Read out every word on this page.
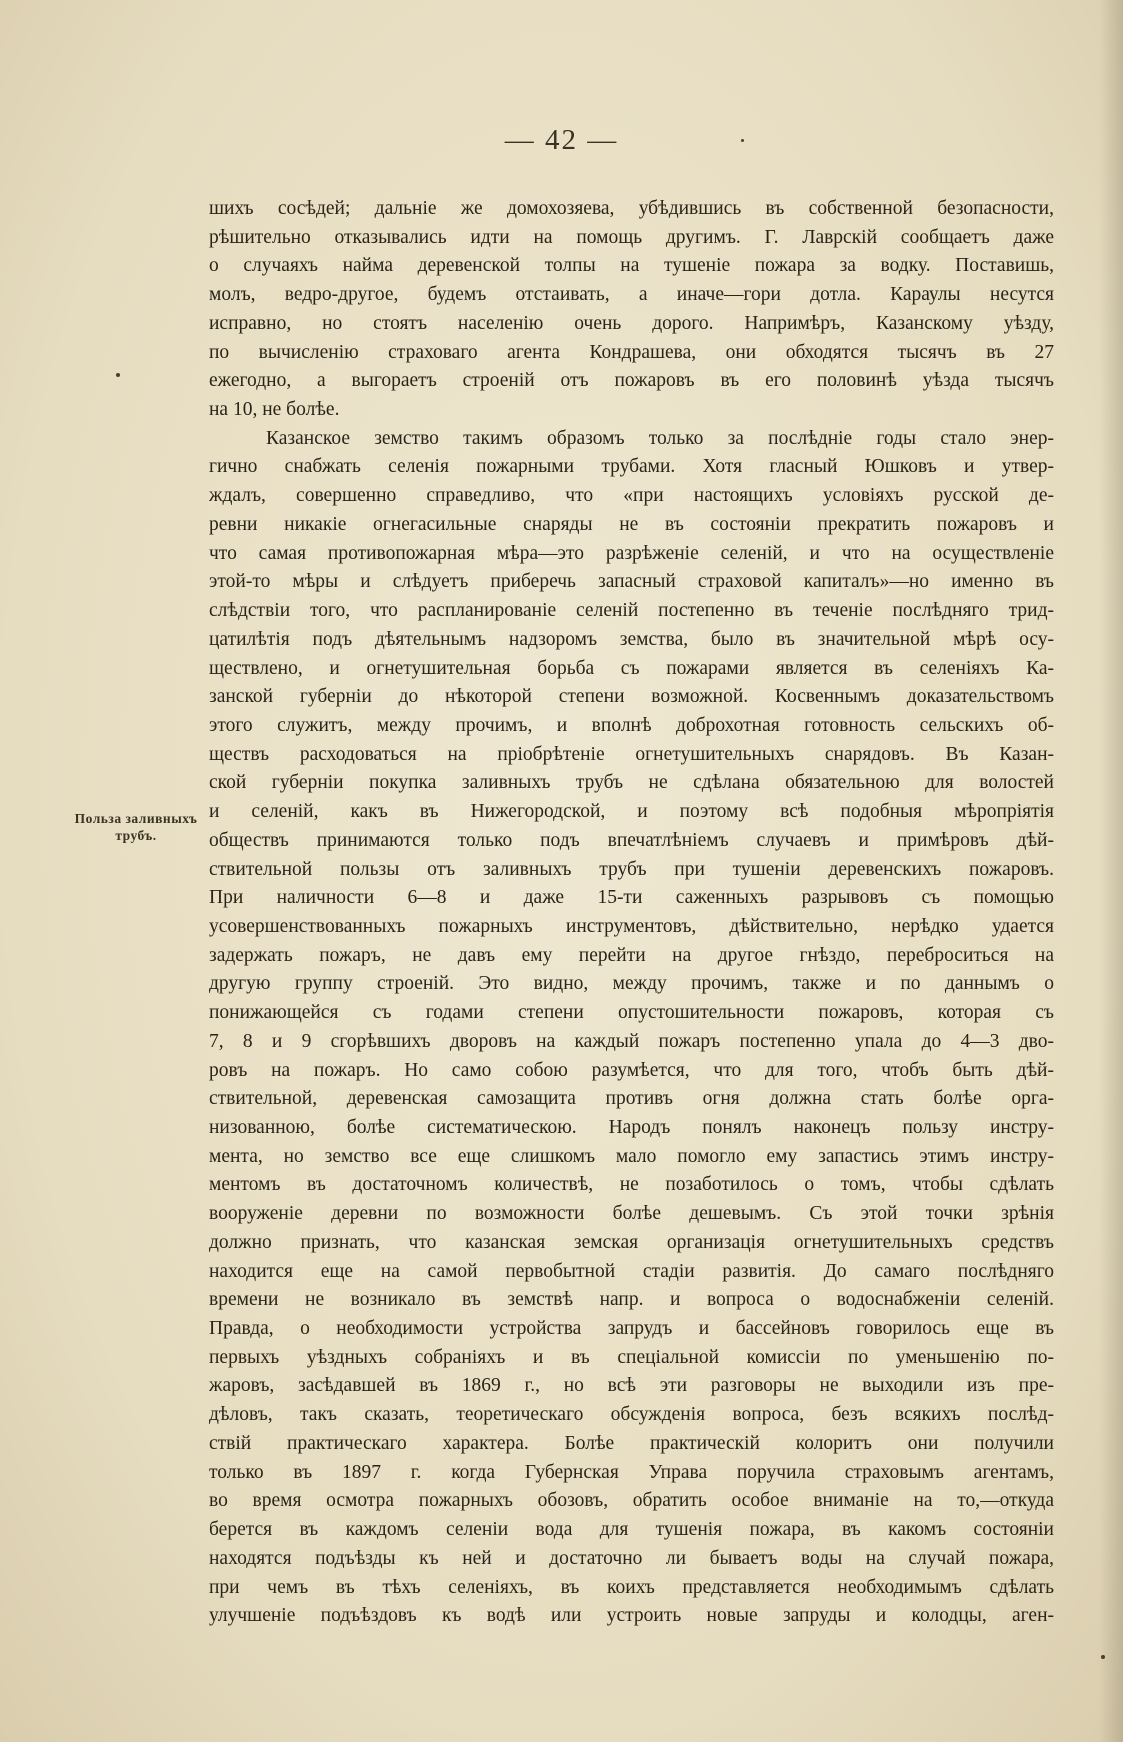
— 42 —
Польза заливныхъ трубъ.
шихъ сосѣдей; дальніе же домохозяева, убѣдившись въ собственной безопасности,
рѣшительно отказывались идти на помощь другимъ. Г. Лаврскій сообщаетъ даже
о случаяхъ найма деревенской толпы на тушеніе пожара за водку. Поставишь,
молъ, ведро-другое, будемъ отстаивать, а иначе—гори дотла. Караулы несутся
исправно, но стоятъ населенію очень дорого. Напримѣръ, Казанскому уѣзду,
по вычисленію страховаго агента Кондрашева, они обходятся тысячъ въ 27
ежегодно, а выгораетъ строеній отъ пожаровъ въ его половинѣ уѣзда тысячъ
на 10, не болѣе.
Казанское земство такимъ образомъ только за послѣдніе годы стало энер-
гично снабжать селенія пожарными трубами. Хотя гласный Юшковъ и утвер-
ждалъ, совершенно справедливо, что «при настоящихъ условіяхъ русской де-
ревни никакіе огнегасильные снаряды не въ состояніи прекратить пожаровъ и
что самая противопожарная мѣра—это разрѣженіе селеній, и что на осуществленіе
этой-то мѣры и слѣдуетъ приберечь запасный страховой капиталъ»—но именно въ
слѣдствіи того, что распланированіе селеній постепенно въ теченіе послѣдняго трид-
цатилѣтія подъ дѣятельнымъ надзоромъ земства, было въ значительной мѣрѣ осу-
ществлено, и огнетушительная борьба съ пожарами является въ селеніяхъ Ка-
занской губерніи до нѣкоторой степени возможной. Косвеннымъ доказательствомъ
этого служитъ, между прочимъ, и вполнѣ доброхотная готовность сельскихъ об-
ществъ расходоваться на пріобрѣтеніе огнетушительныхъ снарядовъ. Въ Казан-
ской губерніи покупка заливныхъ трубъ не сдѣлана обязательною для волостей
и селеній, какъ въ Нижегородской, и поэтому всѣ подобныя мѣропріятія
обществъ принимаются только подъ впечатлѣніемъ случаевъ и примѣровъ дѣй-
ствительной пользы отъ заливныхъ трубъ при тушеніи деревенскихъ пожаровъ.
При наличности 6—8 и даже 15-ти саженныхъ разрывовъ съ помощью
усовершенствованныхъ пожарныхъ инструментовъ, дѣйствительно, нерѣдко удается
задержать пожаръ, не давъ ему перейти на другое гнѣздо, переброситься на
другую группу строеній. Это видно, между прочимъ, также и по даннымъ о
понижающейся съ годами степени опустошительности пожаровъ, которая съ
7, 8 и 9 сгорѣвшихъ дворовъ на каждый пожаръ постепенно упала до 4—3 дво-
ровъ на пожаръ. Но само собою разумѣется, что для того, чтобъ быть дѣй-
ствительной, деревенская самозащита противъ огня должна стать болѣе орга-
низованною, болѣе систематическою. Народъ понялъ наконецъ пользу инстру-
мента, но земство все еще слишкомъ мало помогло ему запастись этимъ инстру-
ментомъ въ достаточномъ количествѣ, не позаботилось о томъ, чтобы сдѣлать
вооруженіе деревни по возможности болѣе дешевымъ. Съ этой точки зрѣнія
должно признать, что казанская земская организація огнетушительныхъ средствъ
находится еще на самой первобытной стадіи развитія. До самаго послѣдняго
времени не возникало въ земствѣ напр. и вопроса о водоснабженіи селеній.
Правда, о необходимости устройства запрудъ и бассейновъ говорилось еще въ
первыхъ уѣздныхъ собраніяхъ и въ спеціальной комиссіи по уменьшенію по-
жаровъ, засѣдавшей въ 1869 г., но всѣ эти разговоры не выходили изъ пре-
дѣловъ, такъ сказать, теоретическаго обсужденія вопроса, безъ всякихъ послѣд-
ствій практическаго характера. Болѣе практическій колоритъ они получили
только въ 1897 г. когда Губернская Управа поручила страховымъ агентамъ,
во время осмотра пожарныхъ обозовъ, обратить особое вниманіе на то,—откуда
берется въ каждомъ селеніи вода для тушенія пожара, въ какомъ состояніи
находятся подъѣзды къ ней и достаточно ли бываетъ воды на случай пожара,
при чемъ въ тѣхъ селеніяхъ, въ коихъ представляется необходимымъ сдѣлать
улучшеніе подъѣздовъ къ водѣ или устроить новые запруды и колодцы, аген-
